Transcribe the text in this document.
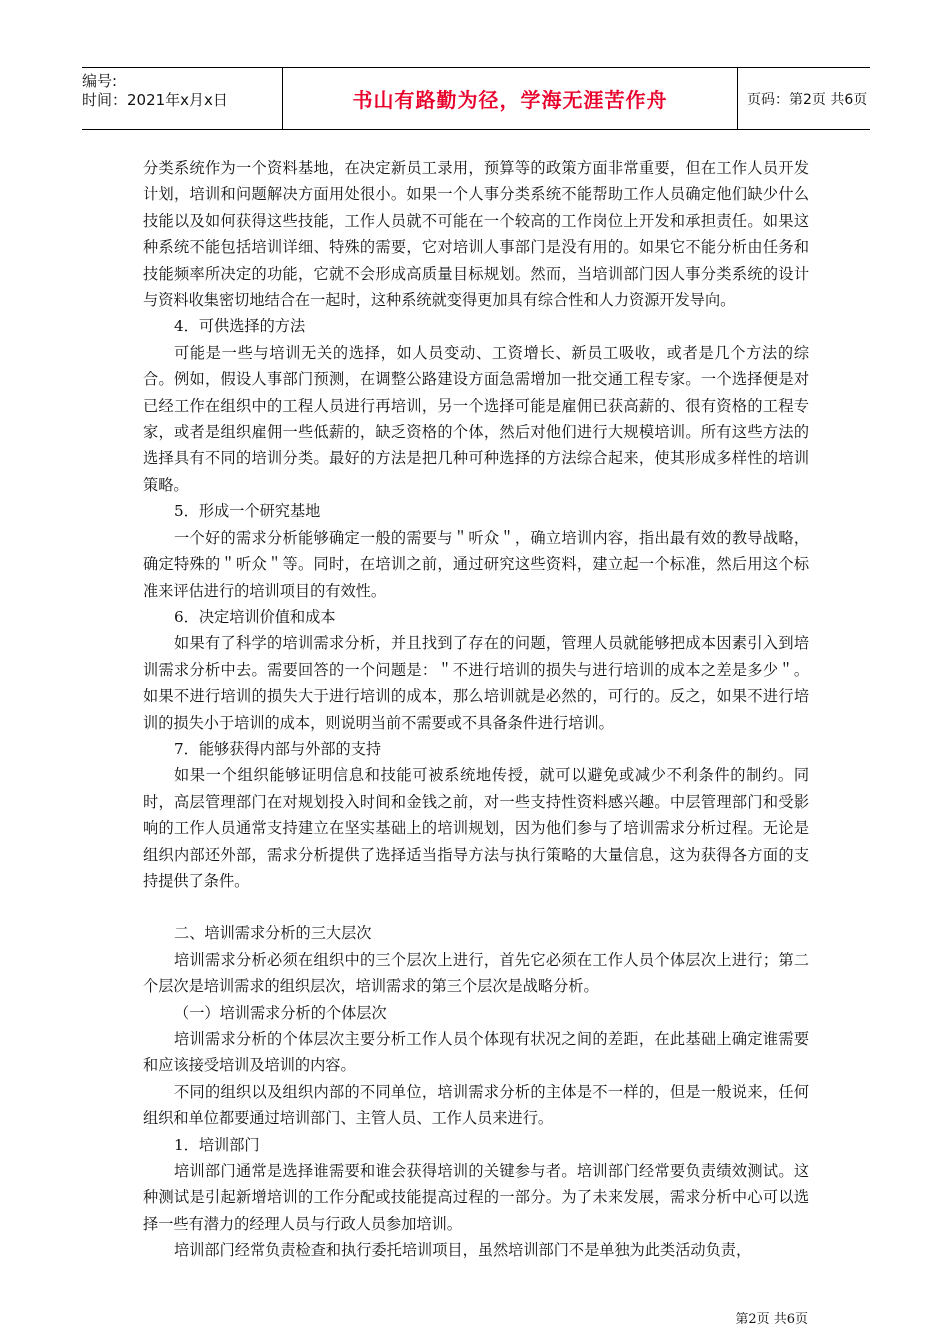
编号:
时间：2021年x月x日	书山有路勤为径，学海无涯苦作舟	页码：第2页 共6页

分类系统作为一个资料基地，在决定新员工录用，预算等的政策方面非常重要，但在工作人员开发计划，培训和问题解决方面用处很小。如果一个人事分类系统不能帮助工作人员确定他们缺少什么技能以及如何获得这些技能，工作人员就不可能在一个较高的工作岗位上开发和承担责任。如果这种系统不能包括培训详细、特殊的需要，它对培训人事部门是没有用的。如果它不能分析由任务和技能频率所决定的功能，它就不会形成高质量目标规划。然而，当培训部门因人事分类系统的设计与资料收集密切地结合在一起时，这种系统就变得更加具有综合性和人力资源开发导向。

4．可供选择的方法

可能是一些与培训无关的选择，如人员变动、工资增长、新员工吸收，或者是几个方法的综合。例如，假设人事部门预测，在调整公路建设方面急需增加一批交通工程专家。一个选择便是对已经工作在组织中的工程人员进行再培训，另一个选择可能是雇佣已获高薪的、很有资格的工程专家，或者是组织雇佣一些低薪的，缺乏资格的个体，然后对他们进行大规模培训。所有这些方法的选择具有不同的培训分类。最好的方法是把几种可种选择的方法综合起来，使其形成多样性的培训策略。

5．形成一个研究基地

一个好的需求分析能够确定一般的需要与＂听众＂，确立培训内容，指出最有效的教导战略，确定特殊的＂听众＂等。同时，在培训之前，通过研究这些资料，建立起一个标准，然后用这个标准来评估进行的培训项目的有效性。

6．决定培训价值和成本

如果有了科学的培训需求分析，并且找到了存在的问题，管理人员就能够把成本因素引入到培训需求分析中去。需要回答的一个问题是：＂不进行培训的损失与进行培训的成本之差是多少＂。如果不进行培训的损失大于进行培训的成本，那么培训就是必然的，可行的。反之，如果不进行培训的损失小于培训的成本，则说明当前不需要或不具备条件进行培训。

7．能够获得内部与外部的支持

如果一个组织能够证明信息和技能可被系统地传授，就可以避免或减少不利条件的制约。同时，高层管理部门在对规划投入时间和金钱之前，对一些支持性资料感兴趣。中层管理部门和受影响的工作人员通常支持建立在坚实基础上的培训规划，因为他们参与了培训需求分析过程。无论是组织内部还外部，需求分析提供了选择适当指导方法与执行策略的大量信息，这为获得各方面的支持提供了条件。

二、培训需求分析的三大层次

培训需求分析必须在组织中的三个层次上进行，首先它必须在工作人员个体层次上进行；第二个层次是培训需求的组织层次，培训需求的第三个层次是战略分析。

（一）培训需求分析的个体层次

培训需求分析的个体层次主要分析工作人员个体现有状况之间的差距，在此基础上确定谁需要和应该接受培训及培训的内容。

不同的组织以及组织内部的不同单位，培训需求分析的主体是不一样的，但是一般说来，任何组织和单位都要通过培训部门、主管人员、工作人员来进行。

1．培训部门

培训部门通常是选择谁需要和谁会获得培训的关键参与者。培训部门经常要负责绩效测试。这种测试是引起新增培训的工作分配或技能提高过程的一部分。为了未来发展，需求分析中心可以选择一些有潜力的经理人员与行政人员参加培训。

培训部门经常负责检查和执行委托培训项目，虽然培训部门不是单独为此类活动负责，

第2页 共6页
